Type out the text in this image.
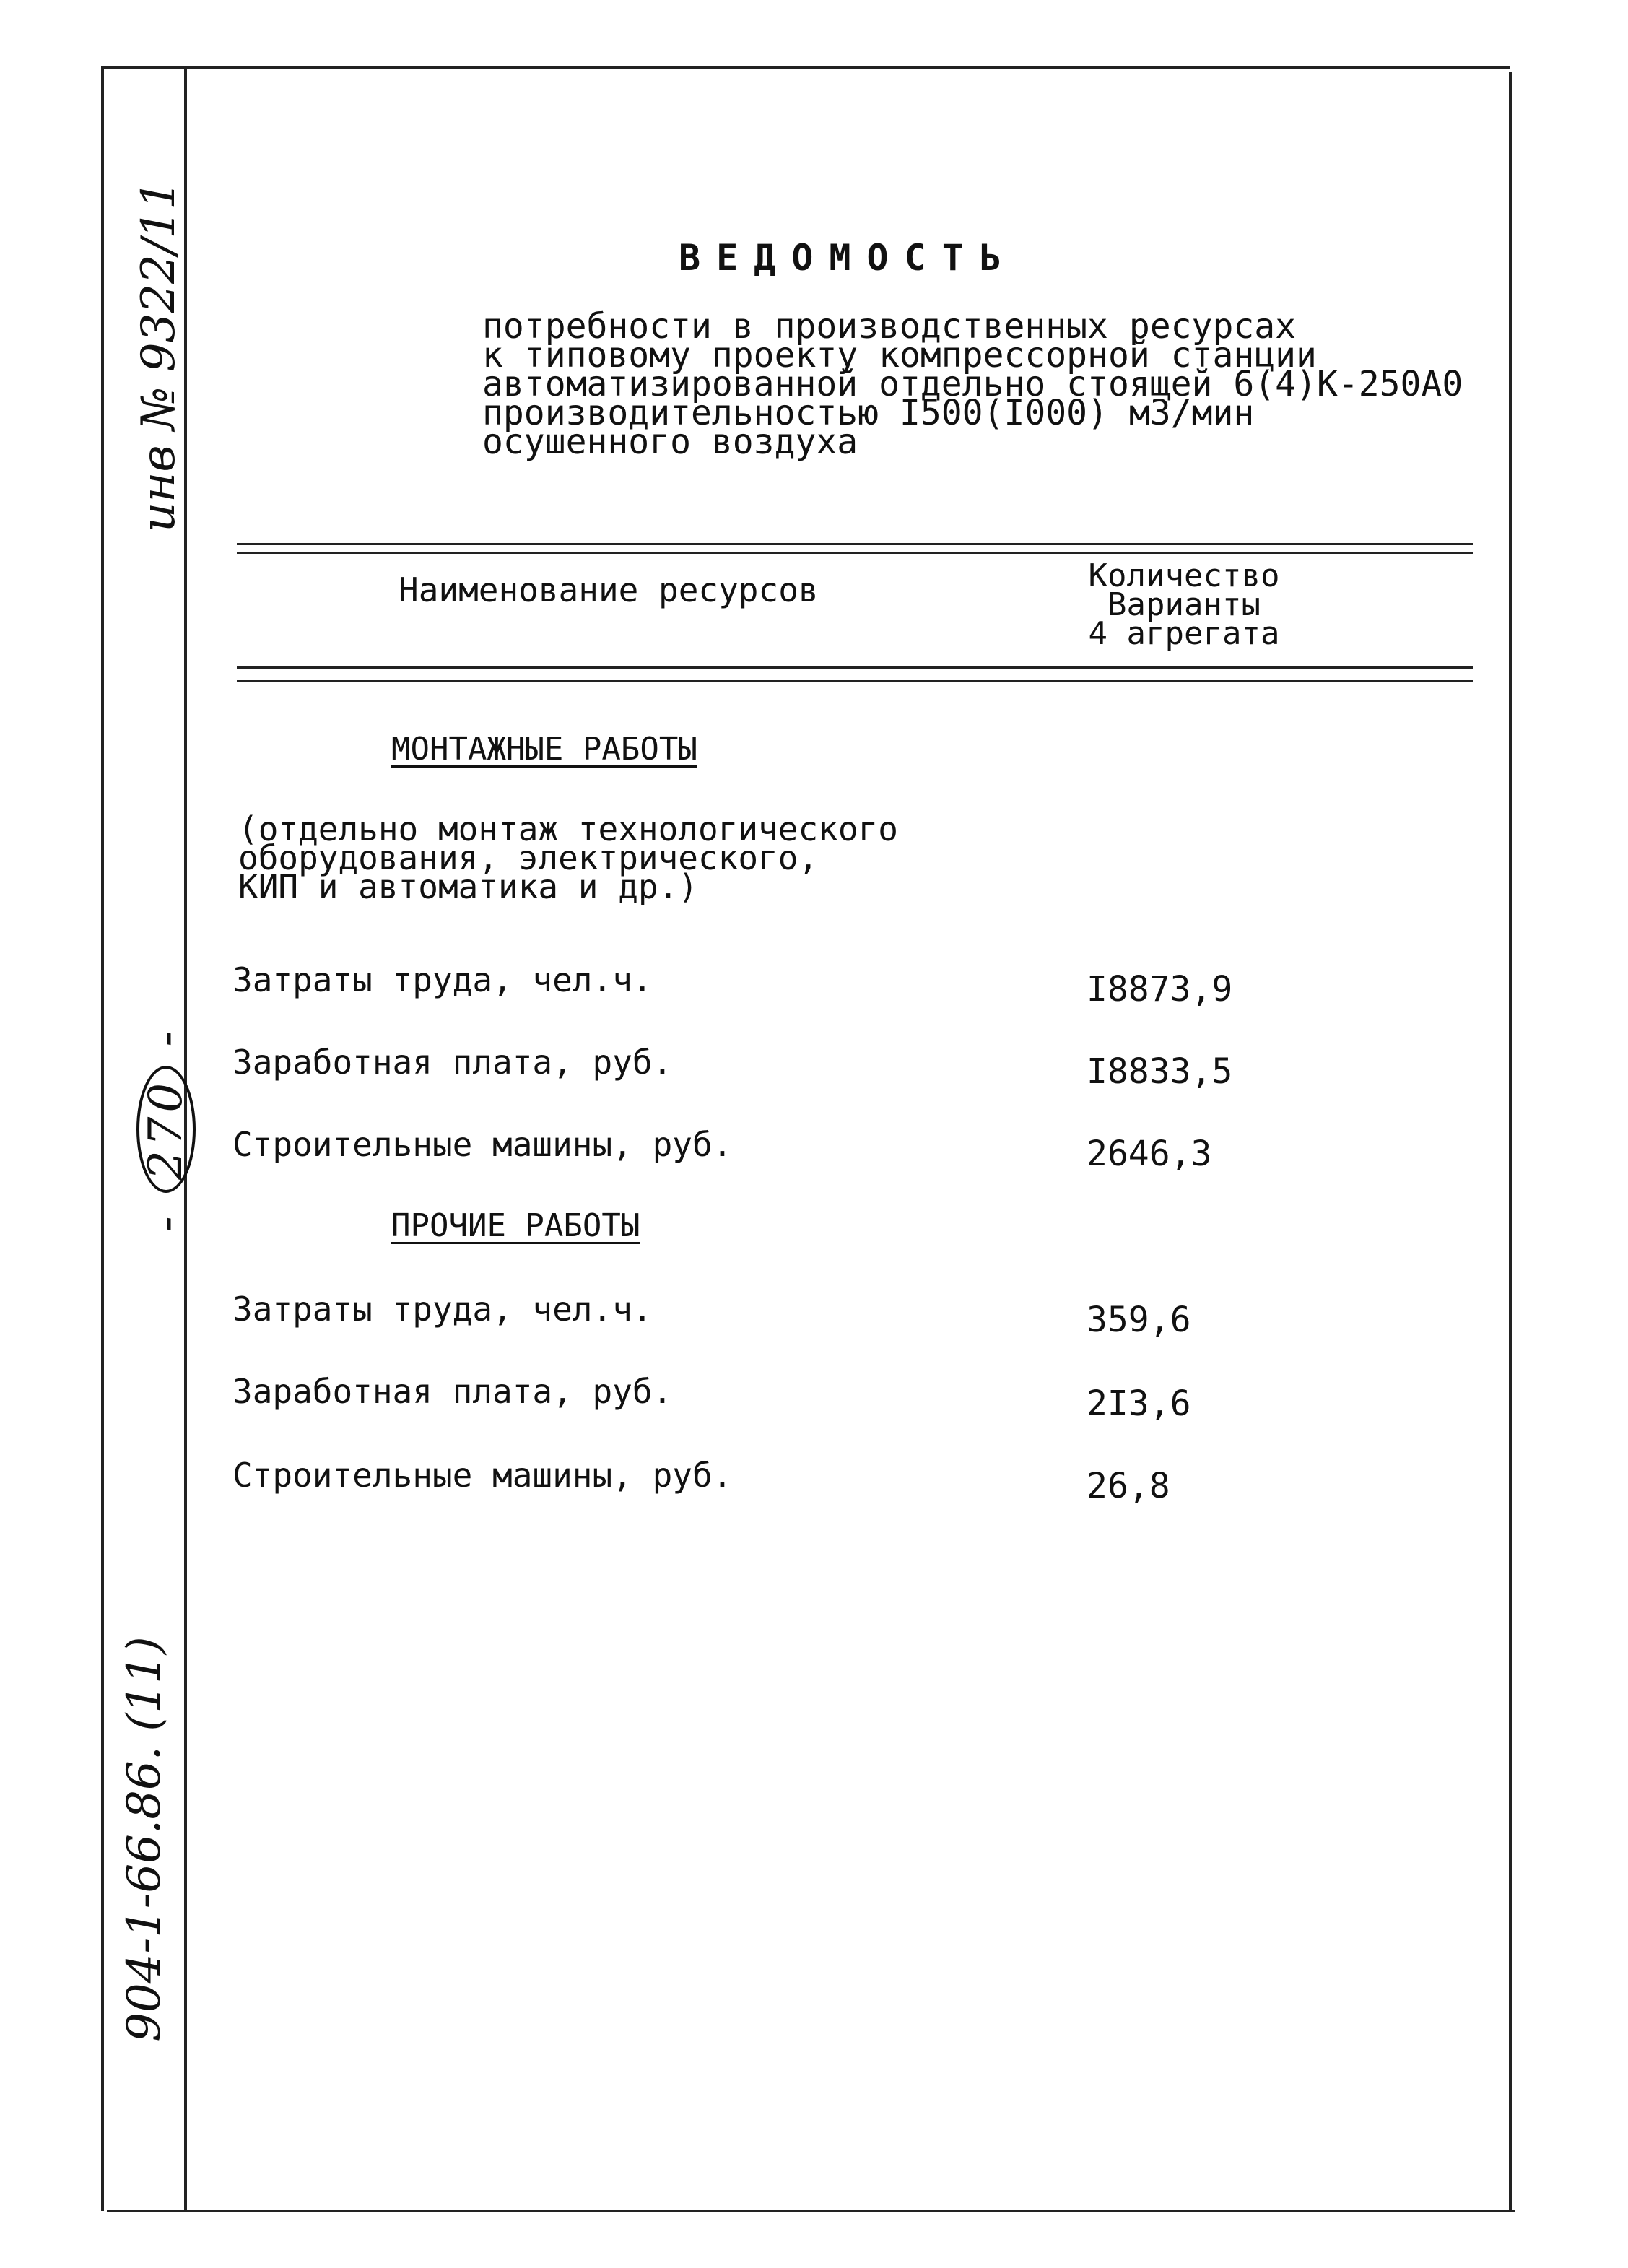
инв № 9322/11
- 270 -
904-1-66.86. (11)
ВЕДОМОСТЬ
потребности в производственных ресурсах
к типовому проекту компрессорной станции
автоматизированной отдельно стоящей 6(4)К-250А0
производительностью I500(I000) м3/мин
осушенного воздуха
Наименование ресурсов	Количество
Варианты
4 агрегата
МОНТАЖНЫЕ РАБОТЫ
(отдельно монтаж технологического
оборудования, электрического,
КИП и автоматика и др.)
Затраты труда, чел.ч.	I8873,9
Заработная плата, руб.	I8833,5
Строительные машины, руб.	2646,3
ПРОЧИЕ РАБОТЫ
Затраты труда, чел.ч.	359,6
Заработная плата, руб.	2I3,6
Строительные машины, руб.	26,8
